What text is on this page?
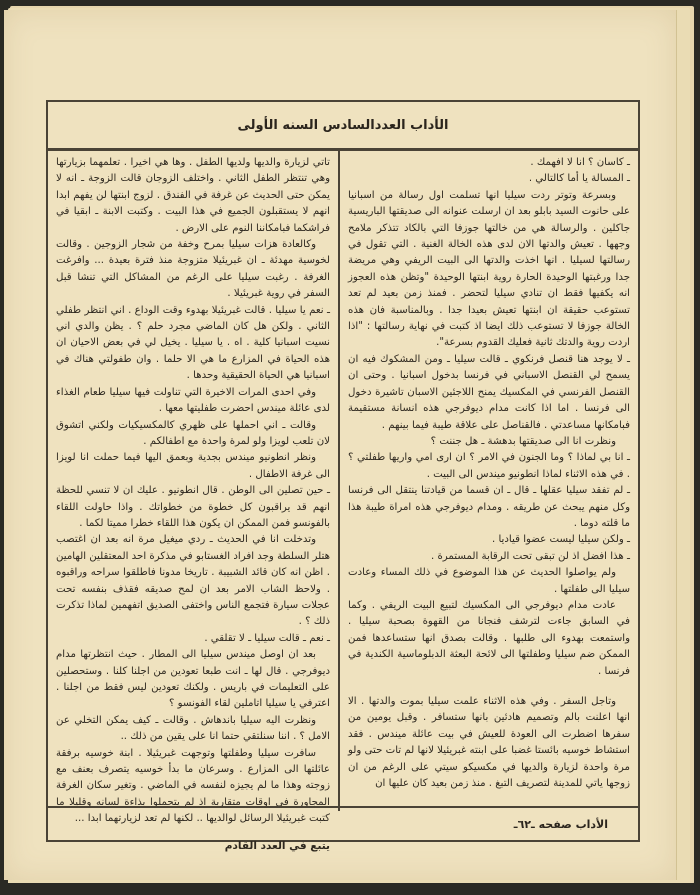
الأداب العددالسادس السنه الأولى

ـ كاسان ؟ انا لا افهمك .

ـ المسالة يا أما كالتالي .

وبسرعة وتوتر ردت سيليا انها تسلمت اول رسالة من اسبانيا على حانوت السيد بابلو بعد ان ارسلت عنوانه الى صديقتها الباريسية جاكلين . والرسالة هي من خالتها جوزفا التي بالكاد تتذكر ملامح وجهها . تعيش والدتها الان لدى هذه الخالة الغنية . التي تقول في رسالتها لسيليا . انها اخذت والدتها الى البيت الريفي وهي مريضة جدا ورغبتها الوحيدة الحارة روية ابنتها الوحيدة "وتظن هذه العجوز انه يكفيها فقط ان تنادي سيليا لتحضر . فمنذ زمن بعيد لم تعد تستوعب حقيقة ان ابنتها تعيش بعيدا جدا . وبالمناسبة فان هذه الخالة جوزفا لا تستوعب ذلك ايضا اذ كتبت في نهاية رسالتها : "اذا اردت روية والدتك ثانية فعليك القدوم بسرعة".

ـ لا يوجد هنا قنصل فرنكوي ـ قالت سيليا ـ ومن المشكوك فيه ان يسمح لي القنصل الاسباني في فرنسا بدخول اسبانيا . وحتى ان القنصل الفرنسي في المكسيك يمنح اللاجئين الاسبان تاشيرة دخول الى فرنسا . اما اذا كانت مدام ديوفرجي هذه انسانة مستقيمة فبامكانها مساعدتي . فالقناصل على علاقة طيبة فيما بينهم .

ونظرت انا الى صديقتها بدهشة ـ هل جننت ؟

ـ انا بي لماذا ؟ وما الجنون في الامر ؟ ان ارى امي واريها طفلتي ؟ . في هذه الاثناء لماذا انطونيو ميندس الى البيت .

ـ لم تفقد سيليا عقلها ـ قال ـ ان قسما من قيادتنا ينتقل الى فرنسا وكل منهم يبحث عن طريقه . ومدام ديوفرجي هذه امراة طيبة هذا ما قلته دوما .

ـ ولكن سيليا ليست عضوا قياديا .

ـ هذا افضل اذ لن تبقى تحت الرقابة المستمرة .

ولم يواصلوا الحديث عن هذا الموضوع في ذلك المساء وعادت سيليا الى طفلتها .

عادت مدام ديوفرجي الى المكسيك لتبيع البيت الريفي . وكما في السابق جاءت لترشف فنجانا من القهوة بصحبة سيليا . واستمعت بهدوء الى طلبها . وقالت بصدق انها ستساعدها فمن الممكن ضم سيليا وطفلتها الى لائحة البعثة الدبلوماسية الكندية في فرنسا .

وتاجل السفر . وفي هذه الاثناء علمت سيليا بموت والدتها . الا انها اعلنت بالم وتصميم هادئين بانها ستسافر . وقبل يومين من سفرها اضطرت الى العودة للعيش في بيت عائلة ميندس . فقد استشاط خوسيه بائستا غضبا على ابنته غبريئيلا لانها لم تات حتى ولو مرة واحدة لزيارة والديها في مكسيكو سيتي على الرغم من ان زوجها ياتي للمدينة لتصريف التبغ . منذ زمن بعيد كان عليها ان

تاتي لزيارة والديها ولديها الطفل . وها هي اخيرا . تعلمهما بزيارتها وهي تنتظر الطفل الثاني . واختلف الزوجان قالت الزوجة ـ انه لا يمكن حتى الحديث عن غرفة في الفندق . لزوج ابنتها لن يفهم ابدا انهم لا يستقبلون الجميع في هذا البيت . وكتبت الابنة ـ ابقيا في فراشكما فبامكاننا النوم على الارض .

وكالعادة هزات سيليا بمرح وخفة من شجار الزوجين . وقالت لخوسية مهدئة ـ ان غبريئيلا متزوجة منذ فترة بعيدة ... وافرغت الغرفة . رغبت سيليا على الرغم من المشاكل التي تنشا قبل السفر في روية غبريئيلا .

ـ نعم يا سيليا . قالت غبريئيلا بهدوء وقت الوداع . اني انتظر طفلي الثاني . ولكن هل كان الماضي مجرد حلم ؟ . يظن والدي اني نسيت اسبانيا كلية . اه . يا سيليا . يخيل لي في بعض الاحيان ان هذه الحياة في المزارع ما هي الا حلما . وان طفولتي هناك في اسبانيا هي الحياة الحقيقية وحدها .

وفي احدى المرات الاخيرة التي تناولت فيها سيليا طعام الغذاء لدى عائلة ميندس احضرت طفليتها معها .

وقالت ـ اني احملها على ظهري كالمكسيكيات ولكني اتشوق لان تلعب لويزا ولو لمرة واحدة مع اطفالكم .

ونظر انطونيو ميندس بجدية وبعمق اليها فيما حملت انا لويزا الى غرفة الاطفال .

ـ حين تصلين الى الوطن . قال انطونيو . عليك ان لا تنسي للحظة انهم قد يراقبون كل خطوة من خطواتك . واذا حاولت اللقاء بالفونسو فمن الممكن ان يكون هذا اللقاء خطرا مميتا لكما .

وتدخلت انا في الحديث ـ ردي ميغيل مرة انه بعد ان اغتصب هتلر السلطة وجد افراد الغستابو في مذكرة احد المعتقلين الهامين . اظن انه كان قائد الشبيبة . تاريخا مدونا فاطلقوا سراحه وراقبوه . ولاحظ الشاب الامر بعد ان لمح صديقه فقذف بنفسه تحت عجلات سيارة فتجمع الناس واختفى الصديق اتفهمين لماذا تذكرت ذلك ؟ .

ـ نعم ـ قالت سيليا ـ لا تقلقي .

بعد ان اوصل ميندس سيليا الى المطار . حيث انتظرتها مدام ديوفرجي . قال لها ـ انت طبعا تعودين من اجلنا كلنا . وستحصلين على التعليمات في باريس . ولكنك تعودين ليس فقط من اجلنا . اعترفي يا سيليا اتاملين لقاء الفونسو ؟

ونظرت اليه سيليا باندهاش . وقالت ـ كيف يمكن التخلي عن الامل ؟ . اننا سنلتقي حتما انا على يقين من ذلك ..

سافرت سيليا وطفلتها وتوجهت غبريئيلا . ابنة خوسيه برفقة عائلتها الى المزارع . وسرعان ما بدأ خوسيه يتصرف بعنف مع زوجته وهذا ما لم يجيزه لنفسه في الماضي . وتغير سكان الغرفة المجاورة في اوقات متقاربة اذ لم يتحملوا بذاءة لسانه وقليلا ما كتبت غبريئيلا الرسائل لوالديها .. لكنها لم تعد لزيارتهما ابدا ...

يتبع في العدد القادم

الأداب صفحه ـ٦٢ـ
